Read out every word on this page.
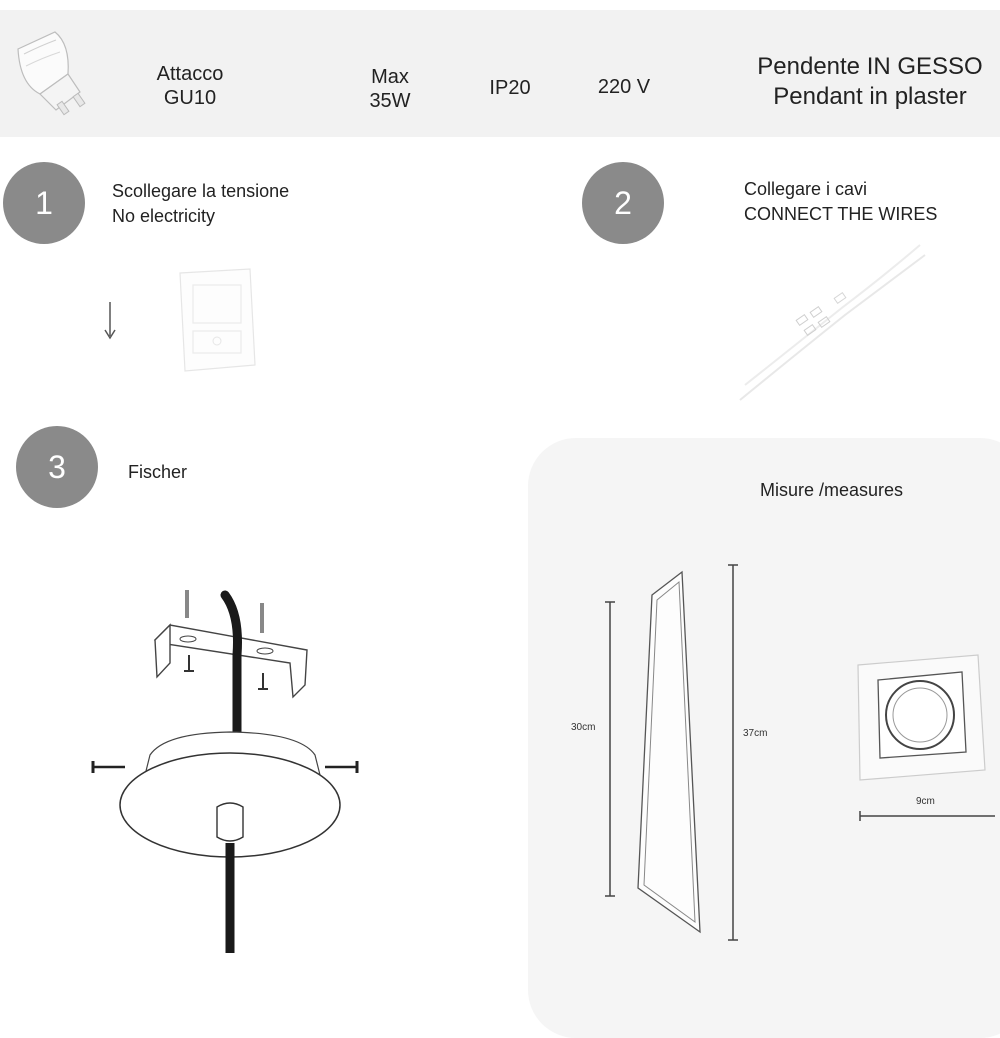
Attacco
GU10
Max
35W
IP20	220 V
Pendente IN GESSO
Pendant in plaster
1	Scollegare la tensione
No electricity	2	Collegare i cavi
CONNECT THE WIRES
3	Fischer
Misure /measures
30cm
37cm
9cm
